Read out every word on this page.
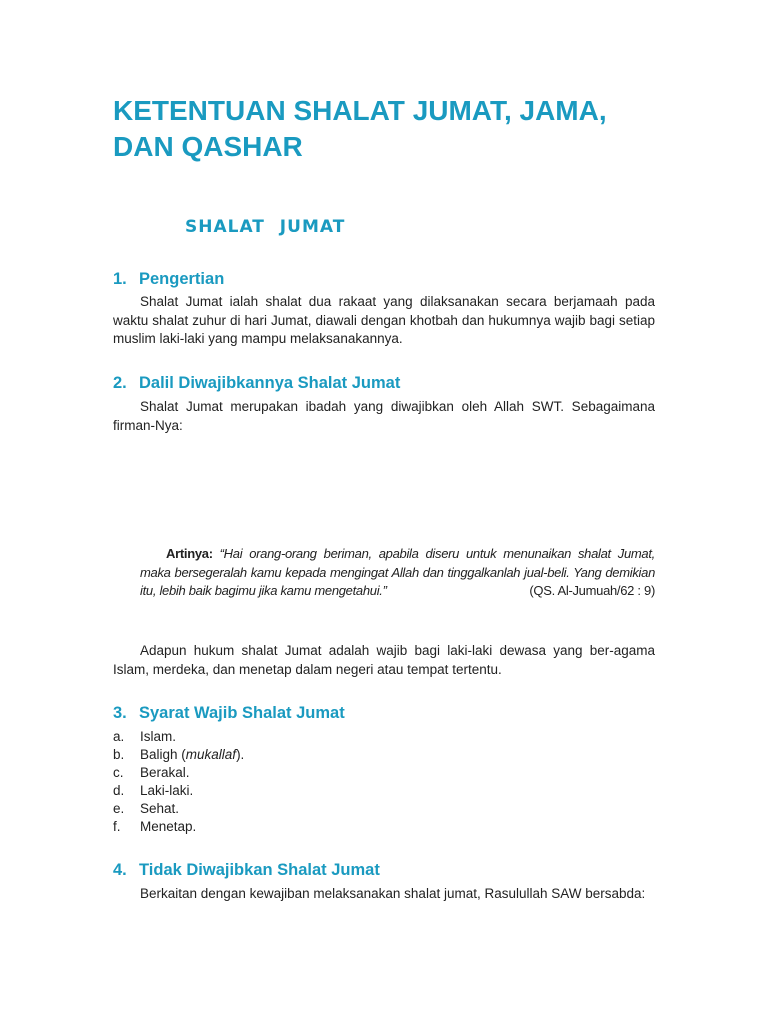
KETENTUAN SHALAT JUMAT, JAMA, DAN QASHAR
SHALAT JUMAT
1. Pengertian
Shalat Jumat ialah shalat dua rakaat yang dilaksanakan secara berjamaah pada waktu shalat zuhur di hari Jumat, diawali dengan khotbah dan hukumnya wajib bagi setiap muslim laki-laki yang mampu melaksanakannya.
2. Dalil Diwajibkannya Shalat Jumat
Shalat Jumat merupakan ibadah yang diwajibkan oleh Allah SWT. Sebagaimana firman-Nya:
Artinya: “Hai orang-orang beriman, apabila diseru untuk menunaikan shalat Jumat, maka bersegeralah kamu kepada mengingat Allah dan tinggalkanlah jual-beli. Yang demikian itu, lebih baik bagimu jika kamu mengetahui.”	(QS. Al-Jumuah/62 : 9)
Adapun hukum shalat Jumat adalah wajib bagi laki-laki dewasa yang ber-agama Islam, merdeka, dan menetap dalam negeri atau tempat tertentu.
3. Syarat Wajib Shalat Jumat
a. Islam.
b. Baligh (mukallaf).
c. Berakal.
d. Laki-laki.
e. Sehat.
f. Menetap.
4. Tidak Diwajibkan Shalat Jumat
Berkaitan dengan kewajiban melaksanakan shalat jumat, Rasulullah SAW bersabda:
